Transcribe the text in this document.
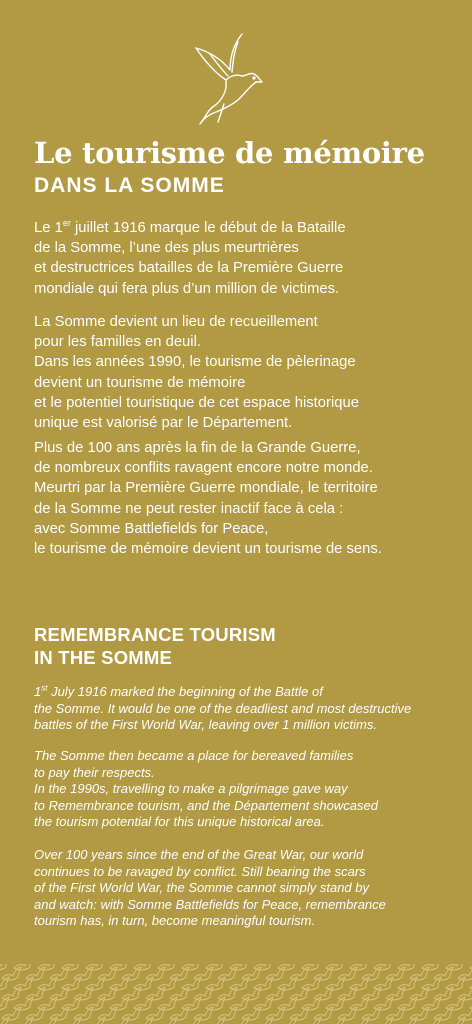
Le tourisme de mémoire
DANS LA SOMME

Le 1er juillet 1916 marque le début de la Bataille
de la Somme, l’une des plus meurtrières
et destructrices batailles de la Première Guerre
mondiale qui fera plus d’un million de victimes.

La Somme devient un lieu de recueillement
pour les familles en deuil.
Dans les années 1990, le tourisme de pèlerinage
devient un tourisme de mémoire
et le potentiel touristique de cet espace historique
unique est valorisé par le Département.

Plus de 100 ans après la fin de la Grande Guerre,
de nombreux conflits ravagent encore notre monde.
Meurtri par la Première Guerre mondiale, le territoire
de la Somme ne peut rester inactif face à cela :
avec Somme Battlefields for Peace,
le tourisme de mémoire devient un tourisme de sens.

REMEMBRANCE TOURISM
IN THE SOMME

1st July 1916 marked the beginning of the Battle of
the Somme. It would be one of the deadliest and most destructive
battles of the First World War, leaving over 1 million victims.

The Somme then became a place for bereaved families
to pay their respects.
In the 1990s, travelling to make a pilgrimage gave way
to Remembrance tourism, and the Département showcased
the tourism potential for this unique historical area.

Over 100 years since the end of the Great War, our world
continues to be ravaged by conflict. Still bearing the scars
of the First World War, the Somme cannot simply stand by
and watch: with Somme Battlefields for Peace, remembrance
tourism has, in turn, become meaningful tourism.
